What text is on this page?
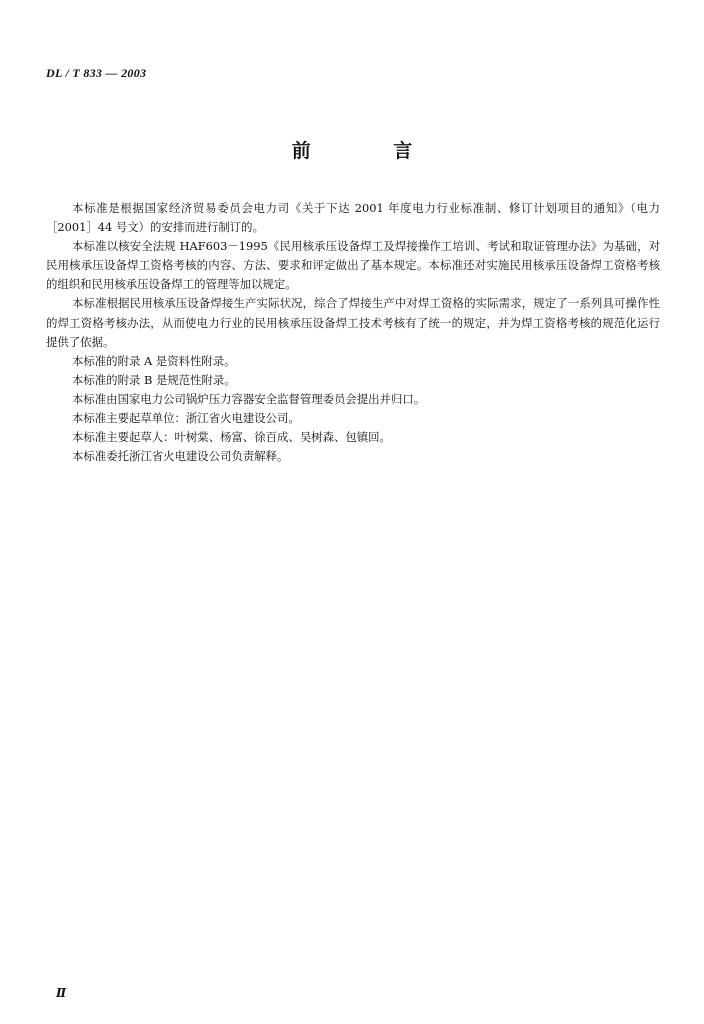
DL / T 833 — 2003
前 言

本标准是根据国家经济贸易委员会电力司《关于下达 2001 年度电力行业标准制、修订计划项目的通知》（电力［2001］44 号文）的安排而进行制订的。

本标准以核安全法规 HAF603－1995《民用核承压设备焊工及焊接操作工培训、考试和取证管理办法》为基础，对民用核承压设备焊工资格考核的内容、方法、要求和评定做出了基本规定。本标准还对实施民用核承压设备焊工资格考核的组织和民用核承压设备焊工的管理等加以规定。

本标准根据民用核承压设备焊接生产实际状况，综合了焊接生产中对焊工资格的实际需求，规定了一系列具可操作性的焊工资格考核办法，从而使电力行业的民用核承压设备焊工技术考核有了统一的规定，并为焊工资格考核的规范化运行提供了依据。

本标准的附录 A 是资料性附录。

本标准的附录 B 是规范性附录。

本标准由国家电力公司锅炉压力容器安全监督管理委员会提出并归口。

本标准主要起草单位：浙江省火电建设公司。

本标准主要起草人：叶树棠、杨富、徐百成、吴树森、包镇回。

本标准委托浙江省火电建设公司负责解释。

Ⅱ
